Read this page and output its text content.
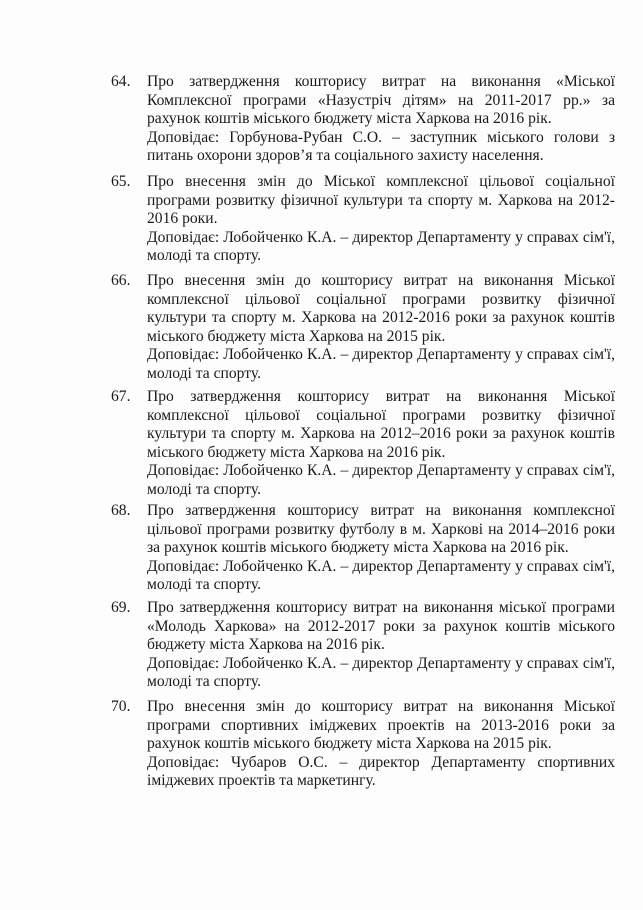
64.	Про затвердження кошторису витрат на виконання «Міської Комплексної програми «Назустріч дітям» на 2011-2017 рр.» за рахунок коштів міського бюджету міста Харкова на 2016 рік.
Доповідає: Горбунова-Рубан С.О. – заступник міського голови з питань охорони здоров’я та соціального захисту населення.
65.	Про внесення змін до Міської комплексної цільової соціальної програми розвитку фізичної культури та спорту м. Харкова на 2012-2016 роки.
Доповідає: Лобойченко К.А. – директор Департаменту у справах сім'ї, молоді та спорту.
66.	Про внесення змін до кошторису витрат на виконання Міської комплексної цільової соціальної програми розвитку фізичної культури та спорту м. Харкова на 2012-2016 роки за рахунок коштів міського бюджету міста Харкова на 2015 рік.
Доповідає: Лобойченко К.А. – директор Департаменту у справах сім'ї, молоді та спорту.
67.	Про затвердження кошторису витрат на виконання Міської комплексної цільової соціальної програми розвитку фізичної культури та спорту м. Харкова на 2012–2016 роки за рахунок коштів міського бюджету міста Харкова на 2016 рік.
Доповідає: Лобойченко К.А. – директор Департаменту у справах сім'ї, молоді та спорту.
68.	Про затвердження кошторису витрат на виконання комплексної цільової програми розвитку футболу в м. Харкові на 2014–2016 роки за рахунок коштів міського бюджету міста Харкова на 2016 рік.
Доповідає: Лобойченко К.А. – директор Департаменту у справах сім'ї, молоді та спорту.
69.	Про затвердження кошторису витрат на виконання міської програми «Молодь Харкова» на 2012-2017 роки за рахунок коштів міського бюджету міста Харкова на 2016 рік.
Доповідає: Лобойченко К.А. – директор Департаменту у справах сім'ї, молоді та спорту.
70.	Про внесення змін до кошторису витрат на виконання Міської програми спортивних іміджевих проектів на 2013-2016 роки за рахунок коштів міського бюджету міста Харкова на 2015 рік.
Доповідає: Чубаров О.С. – директор Департаменту спортивних іміджевих проектів та маркетингу.
